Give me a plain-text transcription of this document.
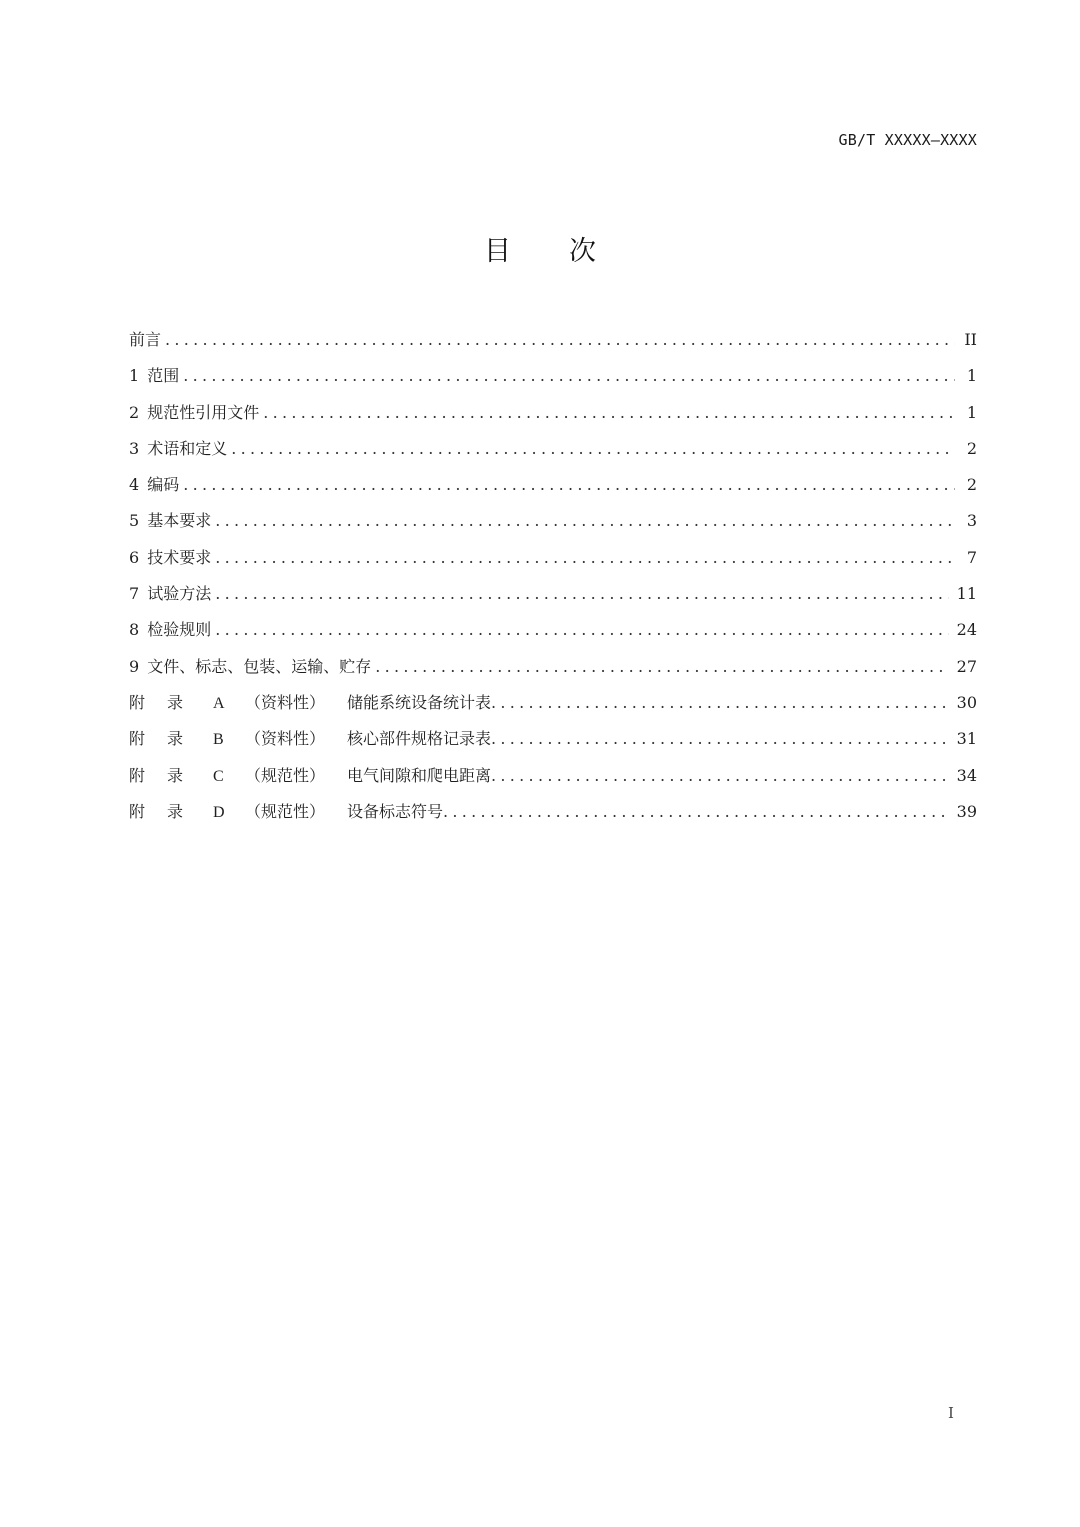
GB/T XXXXX—XXXX
目 次
前言 .....	II
1 范围 .....	1
2 规范性引用文件 .....	1
3 术语和定义 .....	2
4 编码 .....	2
5 基本要求 .....	3
6 技术要求 .....	7
7 试验方法 .....	11
8 检验规则 .....	24
9 文件、标志、包装、运输、贮存 .....	27
附	录	A	（资料性）	储能系统设备统计表 .....	30
附	录	B	（资料性）	核心部件规格记录表 .....	31
附	录	C	（规范性）	电气间隙和爬电距离 .....	34
附	录	D	（规范性）	设备标志符号 .....	39
I
